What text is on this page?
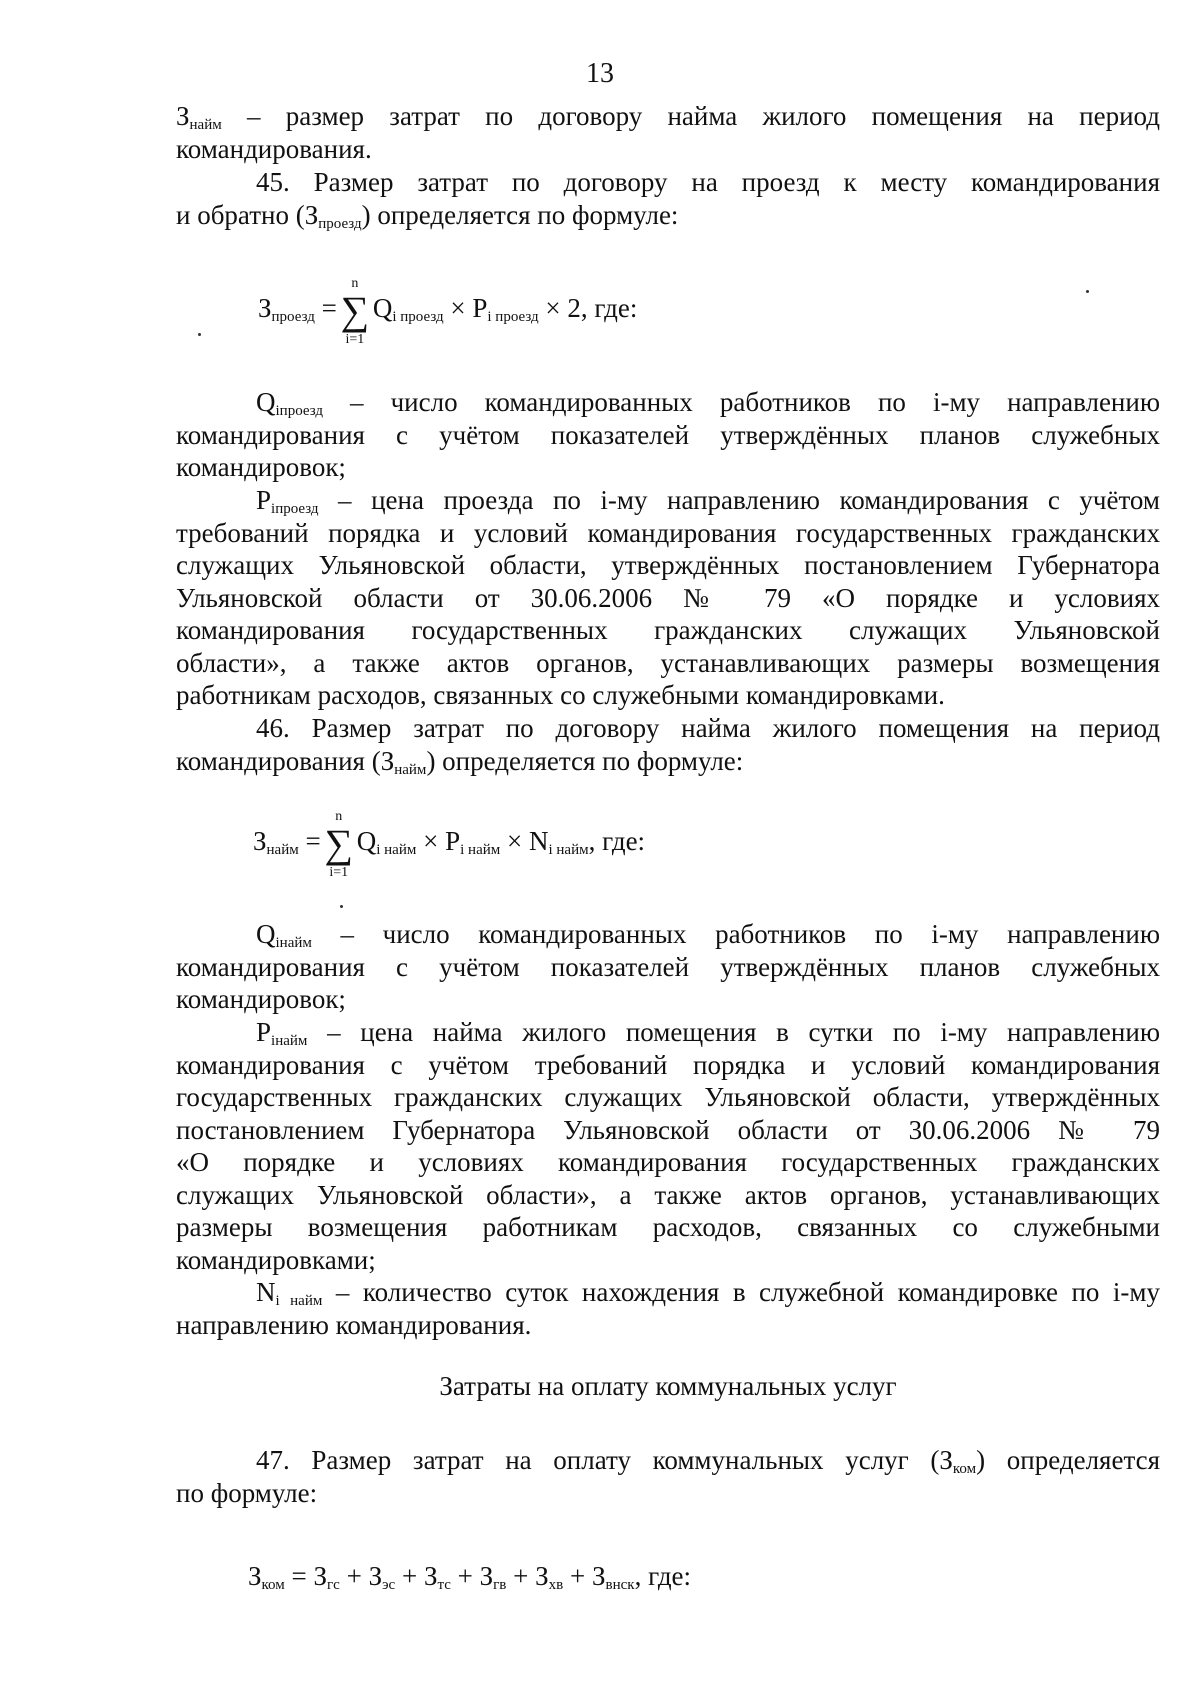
13
$З_{найм}$ – размер затрат по договору найма жилого помещения на период
командирования.
45. Размер затрат по договору на проезд к месту командирования
и обратно $(З_{проезд})$ определяется по формуле:
$З_{проезд}$ =
n
∑
i=1
$Q_{i проезд} \times P_{i проезд} \times 2$, где:
$Q_{iпроезд}$ – число командированных работников по i-му направлению
командирования с учётом показателей утверждённых планов служебных
командировок;
$P_{iпроезд}$ – цена проезда по i-му направлению командирования с учётом
требований порядка и условий командирования государственных гражданских
служащих Ульяновской области, утверждённых постановлением Губернатора
Ульяновской области от 30.06.2006 № 79 «О порядке и условиях
командирования государственных гражданских служащих Ульяновской
области», а также актов органов, устанавливающих размеры возмещения
работникам расходов, связанных со служебными командировками.
46. Размер затрат по договору найма жилого помещения на период
командирования $(З_{найм})$ определяется по формуле:
$З_{найм}$ =
n
∑
i=1
$Q_{i найм} \times P_{i найм} \times N_{i найм}$, где:
$Q_{iнайм}$ – число командированных работников по i-му направлению
командирования с учётом показателей утверждённых планов служебных
командировок;
$P_{iнайм}$ – цена найма жилого помещения в сутки по i-му направлению
командирования с учётом требований порядка и условий командирования
государственных гражданских служащих Ульяновской области, утверждённых
постановлением Губернатора Ульяновской области от 30.06.2006 № 79
«О порядке и условиях командирования государственных гражданских
служащих Ульяновской области», а также актов органов, устанавливающих
размеры возмещения работникам расходов, связанных со служебными
командировками;
$N_{i найм}$ – количество суток нахождения в служебной командировке по i-му
направлению командирования.
Затраты на оплату коммунальных услуг
47. Размер затрат на оплату коммунальных услуг $(З_{ком})$ определяется
по формуле:
$З_{ком} = З_{гс} + З_{эс} + З_{тс} + З_{гв} + З_{хв} + З_{внск}$, где:
